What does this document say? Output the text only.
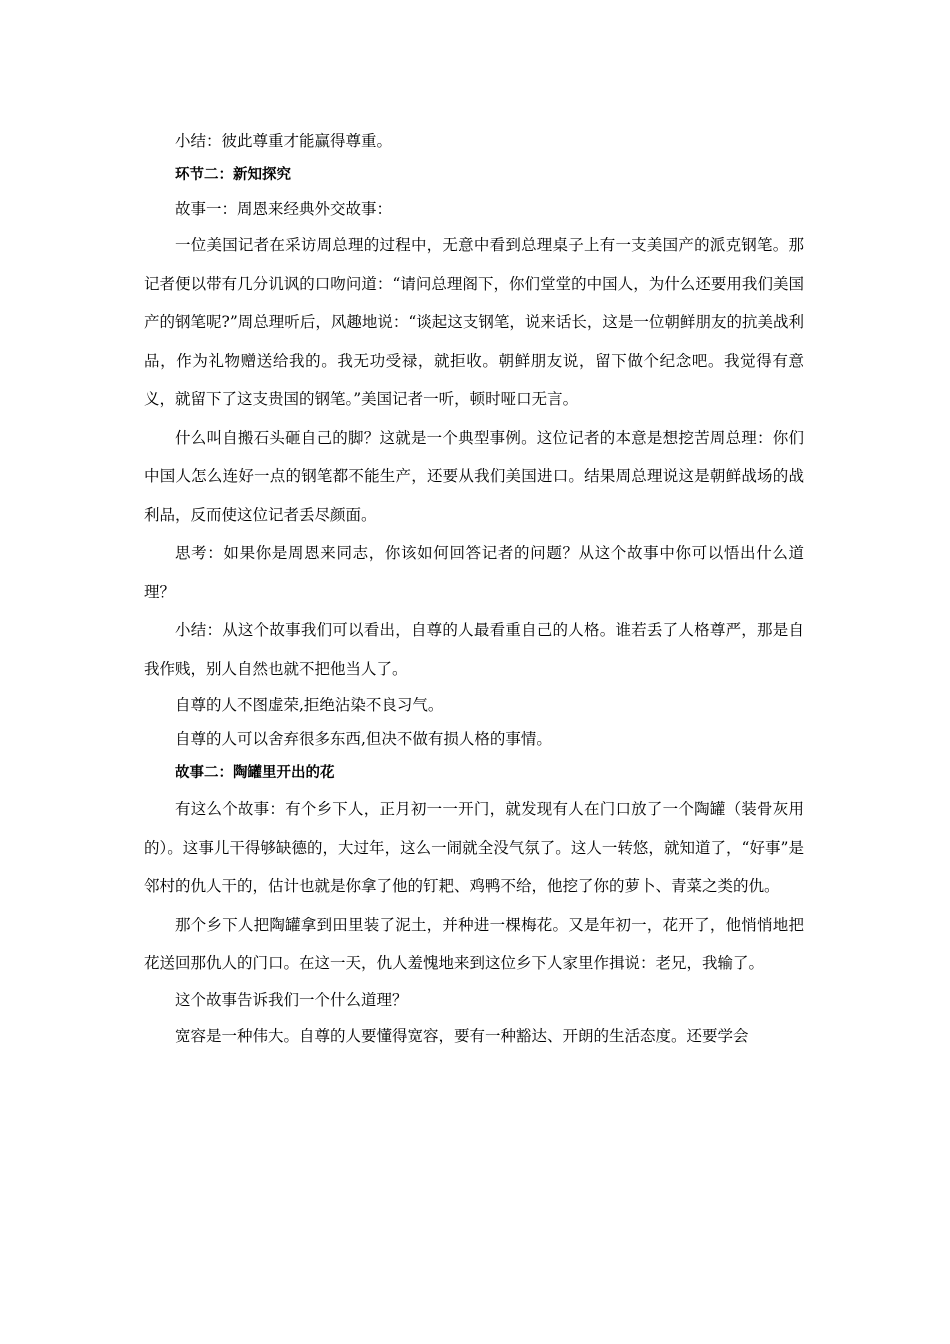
小结：彼此尊重才能赢得尊重。

环节二：新知探究

故事一：周恩来经典外交故事：

一位美国记者在采访周总理的过程中，无意中看到总理桌子上有一支美国产的派克钢笔。那记者便以带有几分讥讽的口吻问道：“请问总理阁下，你们堂堂的中国人，为什么还要用我们美国产的钢笔呢?”周总理听后，风趣地说：“谈起这支钢笔，说来话长，这是一位朝鲜朋友的抗美战利品，作为礼物赠送给我的。我无功受禄，就拒收。朝鲜朋友说，留下做个纪念吧。我觉得有意义，就留下了这支贵国的钢笔。”美国记者一听，顿时哑口无言。

什么叫自搬石头砸自己的脚？这就是一个典型事例。这位记者的本意是想挖苦周总理：你们中国人怎么连好一点的钢笔都不能生产，还要从我们美国进口。结果周总理说这是朝鲜战场的战利品，反而使这位记者丢尽颜面。

思考：如果你是周恩来同志，你该如何回答记者的问题？从这个故事中你可以悟出什么道理？

小结：从这个故事我们可以看出，自尊的人最看重自己的人格。谁若丢了人格尊严，那是自我作贱，别人自然也就不把他当人了。

自尊的人不图虚荣,拒绝沾染不良习气。

自尊的人可以舍弃很多东西,但决不做有损人格的事情。

故事二：陶罐里开出的花

有这么个故事：有个乡下人，正月初一一开门，就发现有人在门口放了一个陶罐（装骨灰用的）。这事儿干得够缺德的，大过年，这么一闹就全没气氛了。这人一转悠，就知道了，“好事”是邻村的仇人干的，估计也就是你拿了他的钉耙、鸡鸭不给，他挖了你的萝卜、青菜之类的仇。

那个乡下人把陶罐拿到田里装了泥土，并种进一棵梅花。又是年初一，花开了，他悄悄地把花送回那仇人的门口。在这一天，仇人羞愧地来到这位乡下人家里作揖说：老兄，我输了。

这个故事告诉我们一个什么道理？

宽容是一种伟大。自尊的人要懂得宽容，要有一种豁达、开朗的生活态度。还要学会
